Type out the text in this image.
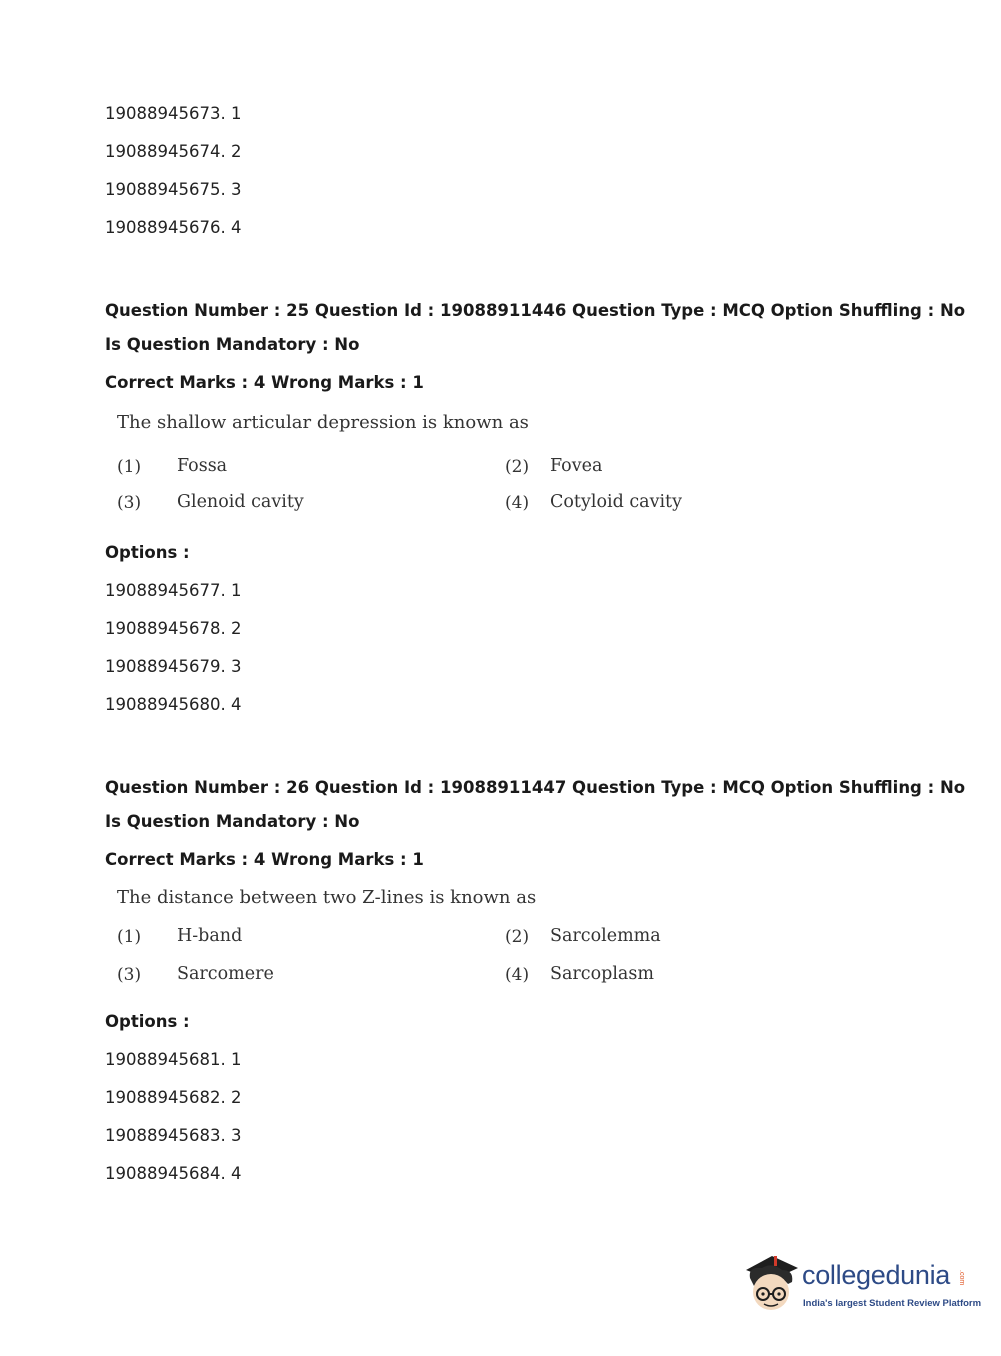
19088945673. 1
19088945674. 2
19088945675. 3
19088945676. 4
Question Number : 25 Question Id : 19088911446 Question Type : MCQ Option Shuffling : No
Is Question Mandatory : No
Correct Marks : 4 Wrong Marks : 1
The shallow articular depression is known as
(1) Fossa	(2) Fovea
(3) Glenoid cavity	(4) Cotyloid cavity
Options :
19088945677. 1
19088945678. 2
19088945679. 3
19088945680. 4
Question Number : 26 Question Id : 19088911447 Question Type : MCQ Option Shuffling : No
Is Question Mandatory : No
Correct Marks : 4 Wrong Marks : 1
The distance between two Z-lines is known as
(1) H-band	(2) Sarcolemma
(3) Sarcomere	(4) Sarcoplasm
Options :
19088945681. 1
19088945682. 2
19088945683. 3
19088945684. 4
collegedunia .com
India's largest Student Review Platform
